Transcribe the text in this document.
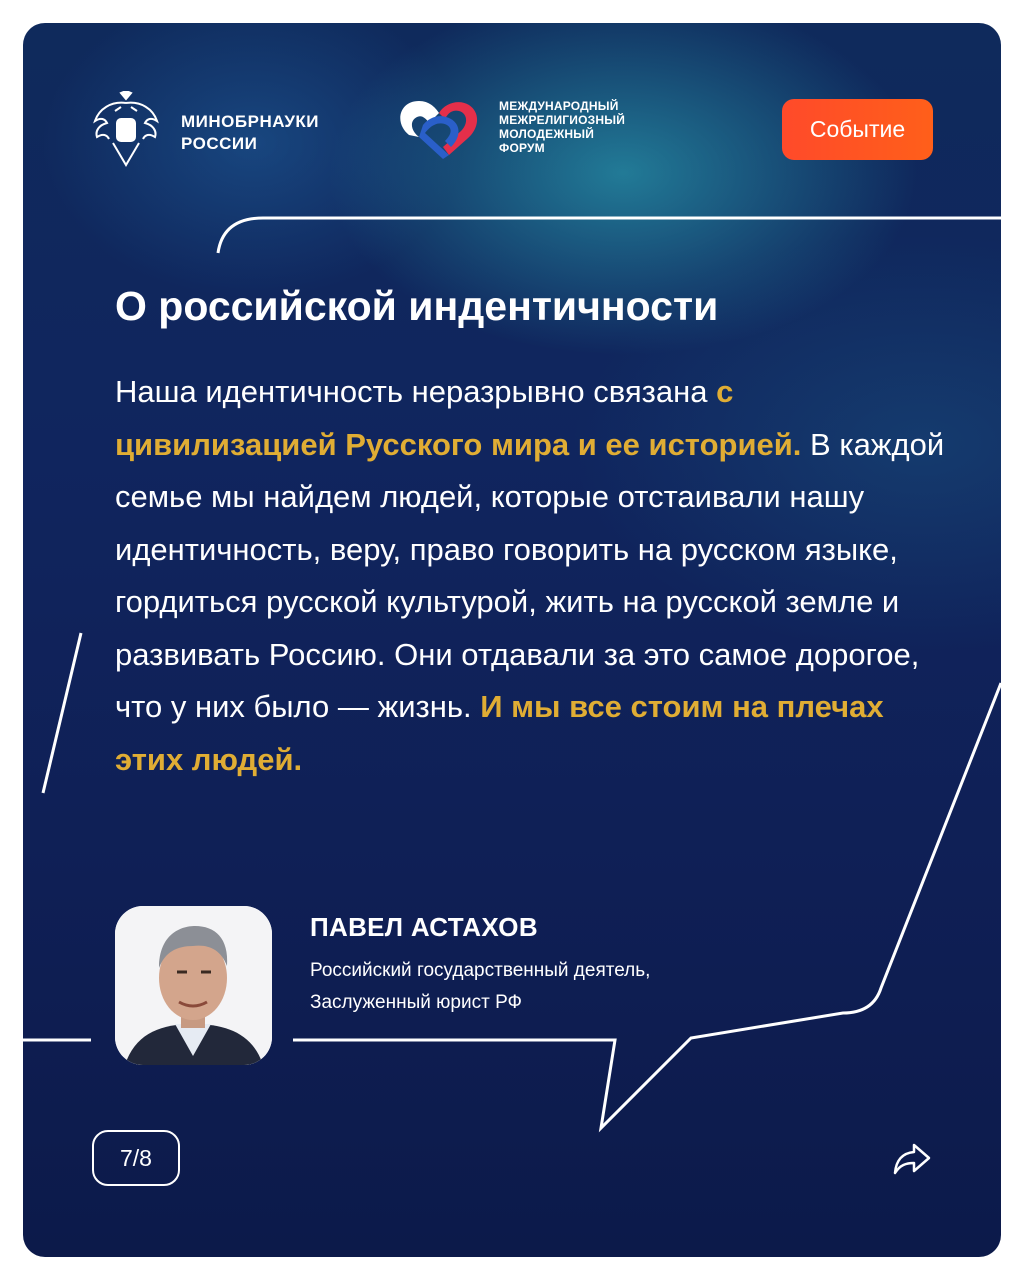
МИНОБРНАУКИ
РОССИИ
МЕЖДУНАРОДНЫЙ
МЕЖРЕЛИГИОЗНЫЙ
МОЛОДЕЖНЫЙ
ФОРУМ
Событие
О российской индентичности

Наша идентичность неразрывно связана с цивилизацией Русского мира и ее историей. В каждой семье мы найдем людей, которые отстаивали нашу идентичность, веру, право говорить на русском языке, гордиться русской культурой, жить на русской земле и развивать Россию. Они отдавали за это самое дорогое, что у них было — жизнь. И мы все стоим на плечах этих людей.

ПАВЕЛ АСТАХОВ
Российский государственный деятель,
Заслуженный юрист РФ
7/8
